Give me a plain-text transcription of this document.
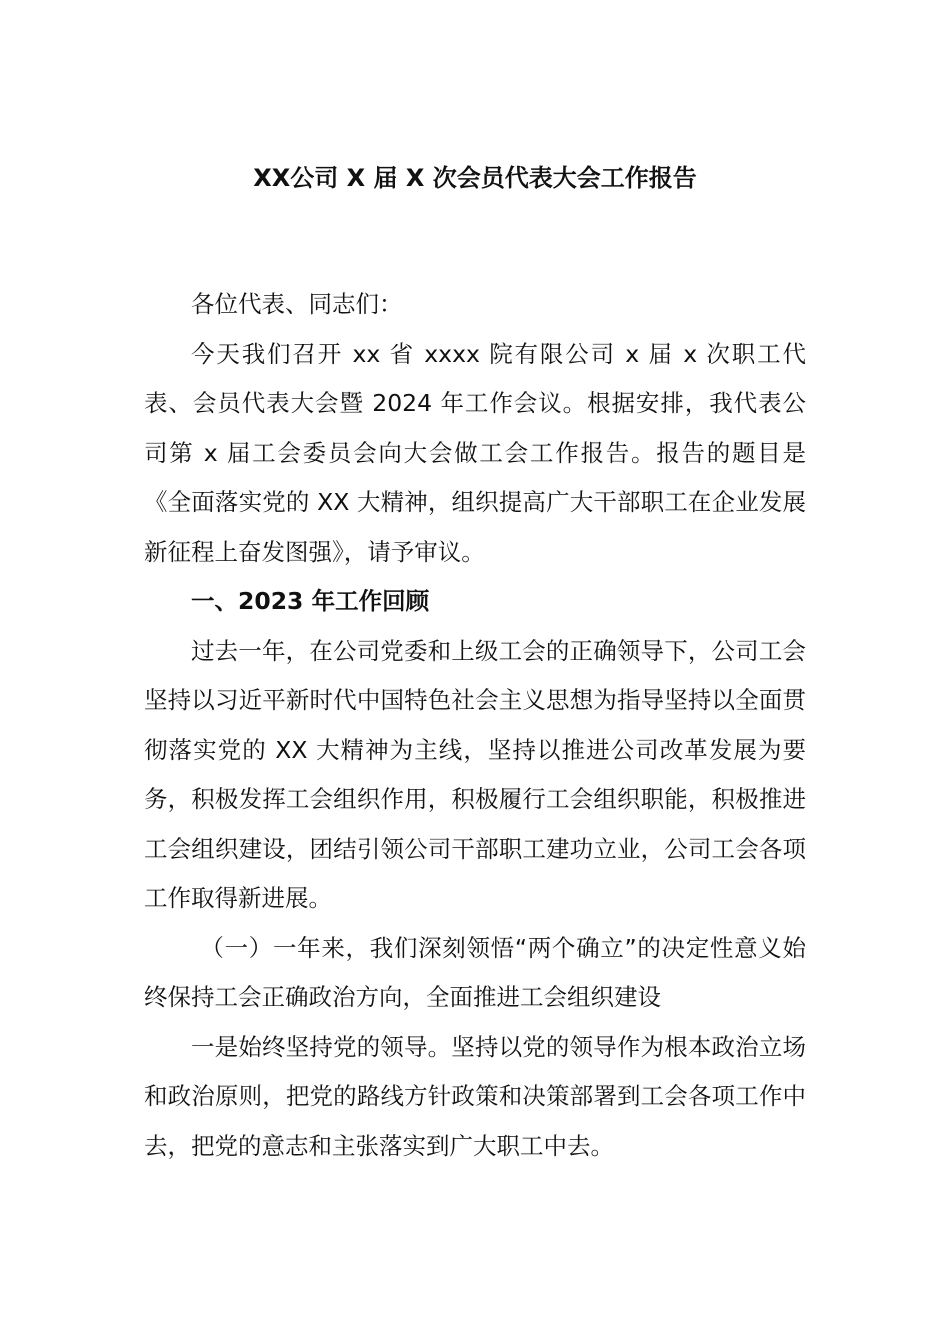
XX公司 X 届 X 次会员代表大会工作报告

各位代表、同志们：

今天我们召开 xx 省 xxxx 院有限公司 x 届 x 次职工代表、会员代表大会暨 2024 年工作会议。根据安排，我代表公司第 x 届工会委员会向大会做工会工作报告。报告的题目是《全面落实党的 XX 大精神，组织提高广大干部职工在企业发展新征程上奋发图强》，请予审议。

一、2023 年工作回顾

过去一年，在公司党委和上级工会的正确领导下，公司工会坚持以习近平新时代中国特色社会主义思想为指导坚持以全面贯彻落实党的 XX 大精神为主线，坚持以推进公司改革发展为要务，积极发挥工会组织作用，积极履行工会组织职能，积极推进工会组织建设，团结引领公司干部职工建功立业，公司工会各项工作取得新进展。

（一）一年来，我们深刻领悟“两个确立”的决定性意义始终保持工会正确政治方向，全面推进工会组织建设

一是始终坚持党的领导。坚持以党的领导作为根本政治立场和政治原则，把党的路线方针政策和决策部署到工会各项工作中去，把党的意志和主张落实到广大职工中去。
